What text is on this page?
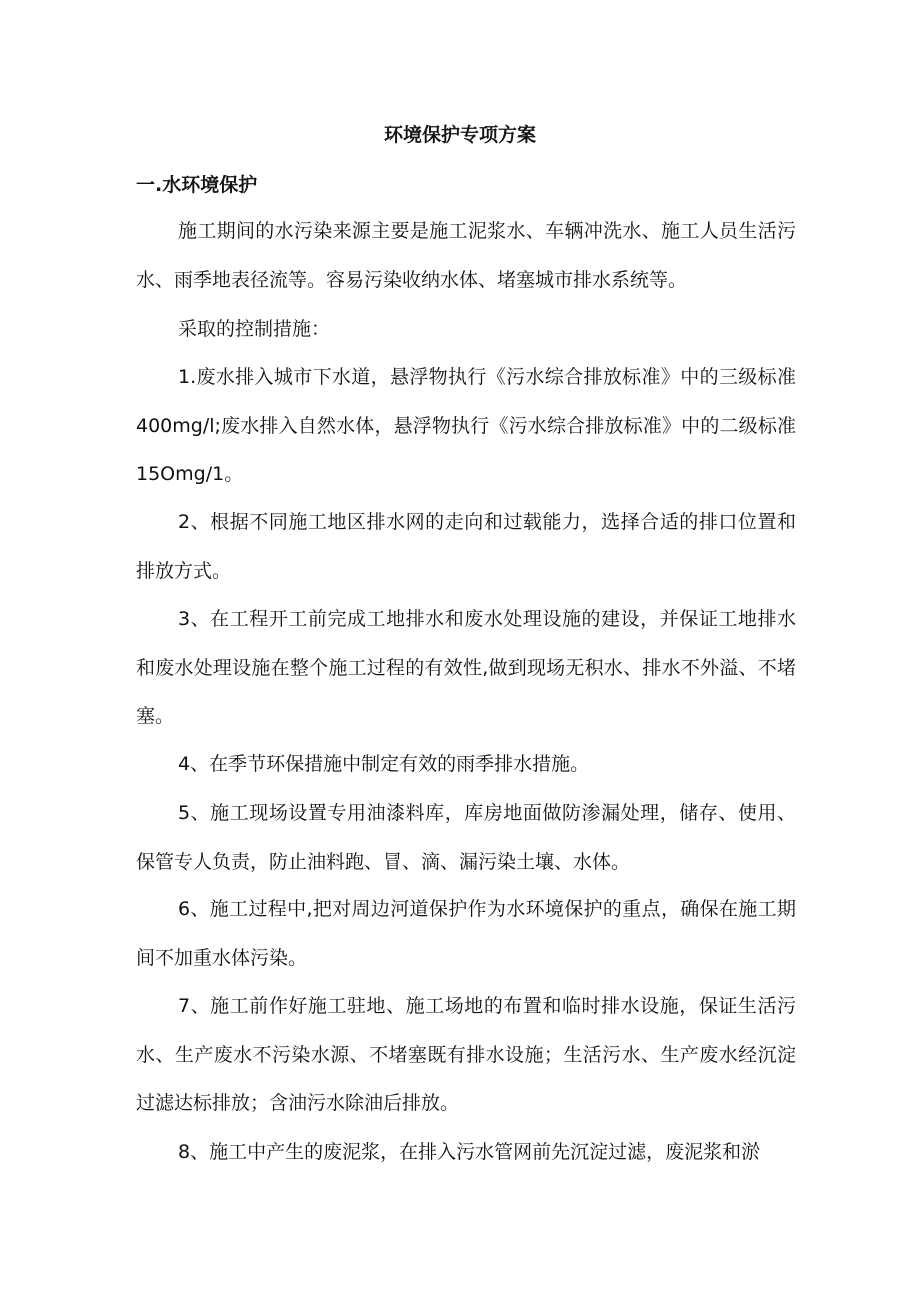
环境保护专项方案
一.水环境保护
施工期间的水污染来源主要是施工泥浆水、车辆冲洗水、施工人员生活污水、雨季地表径流等。容易污染收纳水体、堵塞城市排水系统等。
采取的控制措施：
1.废水排入城市下水道，悬浮物执行《污水综合排放标准》中的三级标准400mg∕l;废水排入自然水体，悬浮物执行《污水综合排放标准》中的二级标准15Omg/1。
2、根据不同施工地区排水网的走向和过载能力，选择合适的排口位置和排放方式。
3、在工程开工前完成工地排水和废水处理设施的建设，并保证工地排水和废水处理设施在整个施工过程的有效性,做到现场无积水、排水不外溢、不堵塞。
4、在季节环保措施中制定有效的雨季排水措施。
5、施工现场设置专用油漆料库，库房地面做防渗漏处理，储存、使用、保管专人负责，防止油料跑、冒、滴、漏污染土壤、水体。
6、施工过程中,把对周边河道保护作为水环境保护的重点，确保在施工期间不加重水体污染。
7、施工前作好施工驻地、施工场地的布置和临时排水设施，保证生活污水、生产废水不污染水源、不堵塞既有排水设施；生活污水、生产废水经沉淀过滤达标排放；含油污水除油后排放。
8、施工中产生的废泥浆，在排入污水管网前先沉淀过滤，废泥浆和淤
